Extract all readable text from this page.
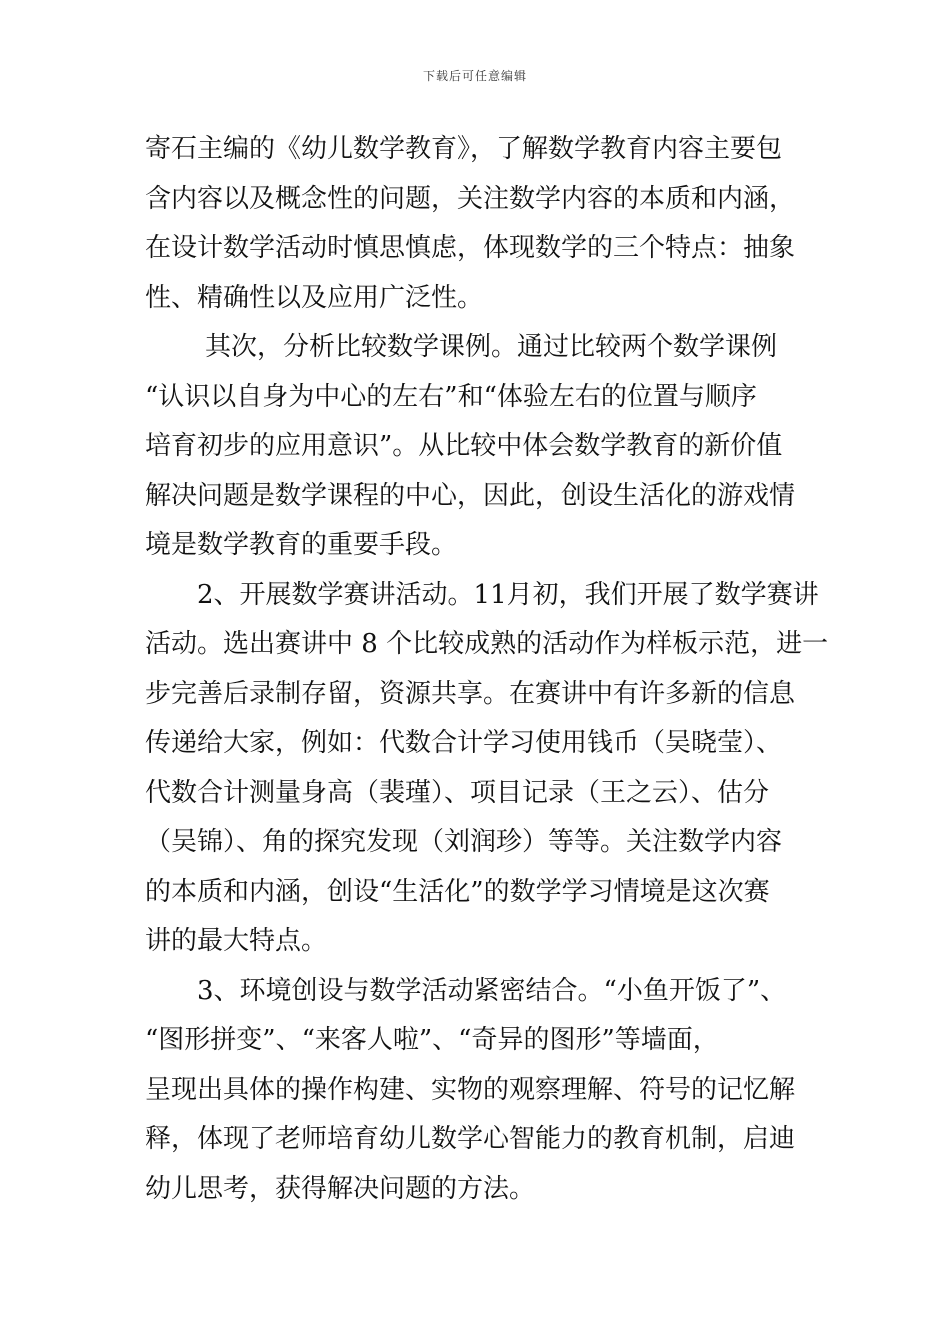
下载后可任意编辑
寄石主编的《幼儿数学教育》，了解数学教育内容主要包
含内容以及概念性的问题，关注数学内容的本质和内涵，
在设计数学活动时慎思慎虑，体现数学的三个特点：抽象
性、精确性以及应用广泛性。
其次，分析比较数学课例。通过比较两个数学课例
“认识以自身为中心的左右”和“体验左右的位置与顺序
培育初步的应用意识”。从比较中体会数学教育的新价值
解决问题是数学课程的中心，因此，创设生活化的游戏情
境是数学教育的重要手段。
2、开展数学赛讲活动。11月初，我们开展了数学赛讲
活动。选出赛讲中 8 个比较成熟的活动作为样板示范，进一
步完善后录制存留，资源共享。在赛讲中有许多新的信息
传递给大家，例如：代数合计学习使用钱币（吴晓莹）、
代数合计测量身高（裴瑾）、项目记录（王之云）、估分
（吴锦）、角的探究发现（刘润珍）等等。关注数学内容
的本质和内涵，创设“生活化”的数学学习情境是这次赛
讲的最大特点。
3、环境创设与数学活动紧密结合。“小鱼开饭了”、
“图形拼变”、“来客人啦”、“奇异的图形”等墙面，
呈现出具体的操作构建、实物的观察理解、符号的记忆解
释，体现了老师培育幼儿数学心智能力的教育机制，启迪
幼儿思考，获得解决问题的方法。
